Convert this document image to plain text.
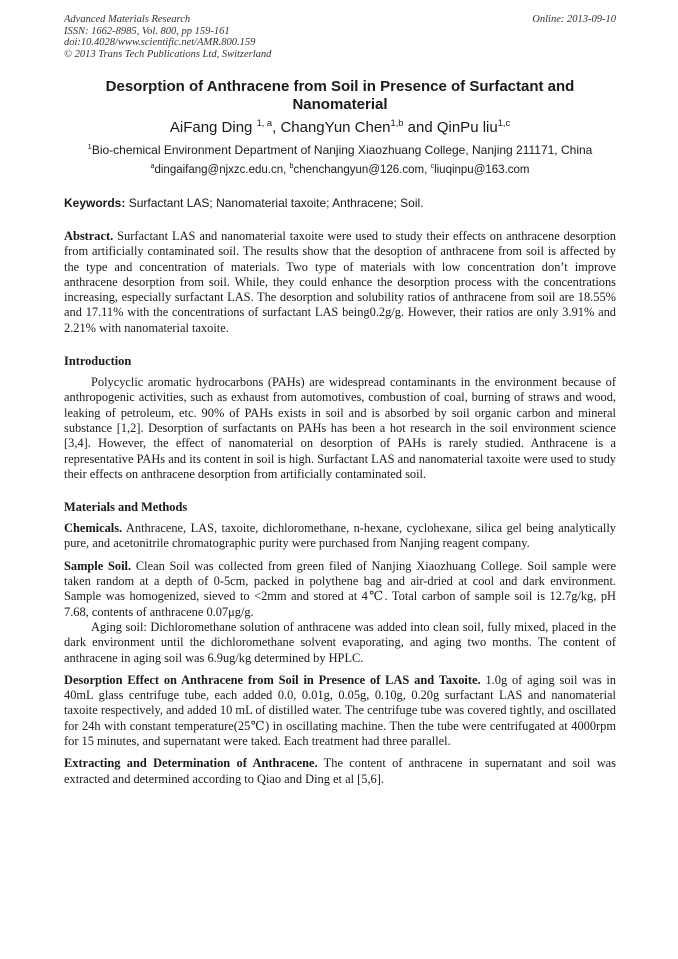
Advanced Materials Research
ISSN: 1662-8985, Vol. 800, pp 159-161
doi:10.4028/www.scientific.net/AMR.800.159
© 2013 Trans Tech Publications Ltd, Switzerland
Online: 2013-09-10
Desorption of Anthracene from Soil in Presence of Surfactant and Nanomaterial
AiFang Ding $^{1, a}$, ChangYun Chen$^{1,b}$ and QinPu liu$^{1,c}$
$^1$Bio-chemical Environment Department of Nanjing Xiaozhuang College, Nanjing 211171, China
$^a$dingaifang@njxzc.edu.cn, $^b$chenchangyun@126.com, $^c$liuqinpu@163.com
Keywords: Surfactant LAS; Nanomaterial taxoite; Anthracene; Soil.

Abstract. Surfactant LAS and nanomaterial taxoite were used to study their effects on anthracene desorption from artificially contaminated soil. The results show that the desoption of anthracene from soil is affected by the type and concentration of materials. Two type of materials with low concentration don’t improve anthracene desorption from soil. While, they could enhance the desorption process with the concentrations increasing, especially surfactant LAS. The desorption and solubility ratios of anthracene from soil are 18.55% and 17.11% with the concentrations of surfactant LAS being0.2g/g. However, their ratios are only 3.91% and 2.21% with nanomaterial taxoite.

Introduction

Polycyclic aromatic hydrocarbons (PAHs) are widespread contaminants in the environment because of anthropogenic activities, such as exhaust from automotives, combustion of coal, burning of straws and wood, leaking of petroleum, etc. 90% of PAHs exists in soil and is absorbed by soil organic carbon and mineral substance [1,2]. Desorption of surfactants on PAHs has been a hot research in the soil environment science [3,4]. However, the effect of nanomaterial on desorption of PAHs is rarely studied. Anthracene is a representative PAHs and its content in soil is high. Surfactant LAS and nanomaterial taxoite were used to study their effects on anthracene desorption from artificially contaminated soil.

Materials and Methods

Chemicals. Anthracene, LAS, taxoite, dichloromethane, n-hexane, cyclohexane, silica gel being analytically pure, and acetonitrile chromatographic purity were purchased from Nanjing reagent company.

Sample Soil. Clean Soil was collected from green filed of Nanjing Xiaozhuang College. Soil sample were taken random at a depth of 0-5cm, packed in polythene bag and air-dried at cool and dark environment. Sample was homogenized, sieved to <2mm and stored at 4℃. Total carbon of sample soil is 12.7g/kg, pH 7.68, contents of anthracene 0.07μg/g.

Aging soil: Dichloromethane solution of anthracene was added into clean soil, fully mixed, placed in the dark environment until the dichloromethane solvent evaporating, and aging two months. The content of anthracene in aging soil was 6.9ug/kg determined by HPLC.

Desorption Effect on Anthracene from Soil in Presence of LAS and Taxoite. 1.0g of aging soil was in 40mL glass centrifuge tube, each added 0.0, 0.01g, 0.05g, 0.10g, 0.20g surfactant LAS and nanomaterial taxoite respectively, and added 10 mL of distilled water. The centrifuge tube was covered tightly, and oscillated for 24h with constant temperature(25℃) in oscillating machine. Then the tube were centrifugated at 4000rpm for 15 minutes, and supernatant were taked. Each treatment had three parallel.

Extracting and Determination of Anthracene. The content of anthracene in supernatant and soil was extracted and determined according to Qiao and Ding et al [5,6].
